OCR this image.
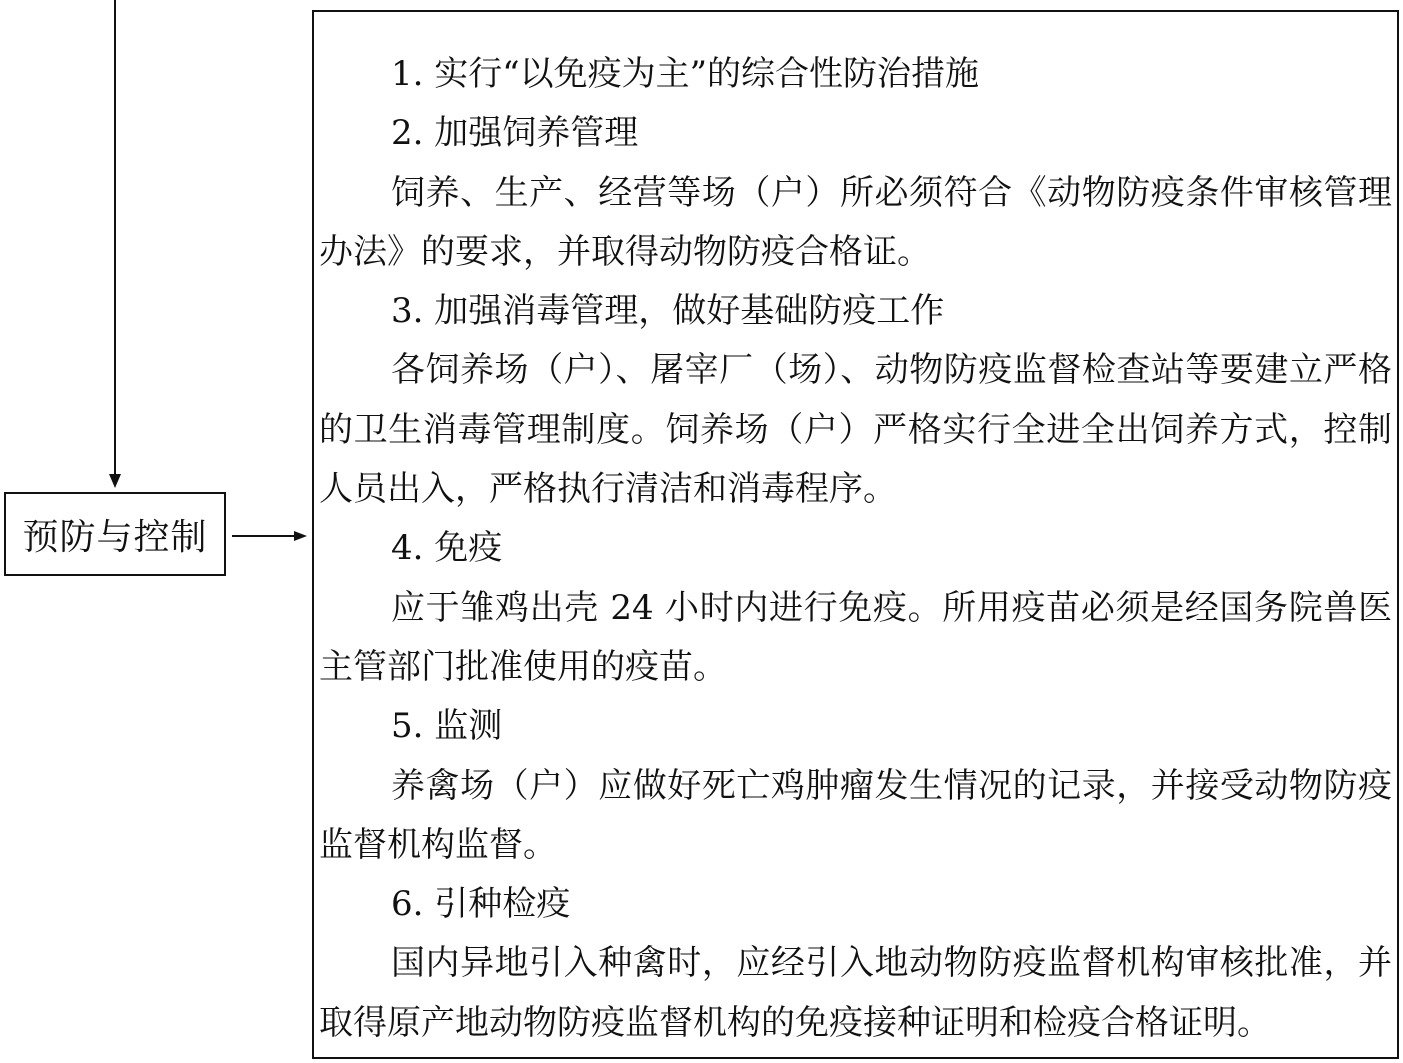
预防与控制

1. 实行“以免疫为主”的综合性防治措施

2. 加强饲养管理

饲养、生产、经营等场（户）所必须符合《动物防疫条件审核管理办法》的要求，并取得动物防疫合格证。

3. 加强消毒管理，做好基础防疫工作

各饲养场（户）、屠宰厂（场）、动物防疫监督检查站等要建立严格的卫生消毒管理制度。饲养场（户）严格实行全进全出饲养方式，控制人员出入，严格执行清洁和消毒程序。

4. 免疫

应于雏鸡出壳 24 小时内进行免疫。所用疫苗必须是经国务院兽医主管部门批准使用的疫苗。

5. 监测

养禽场（户）应做好死亡鸡肿瘤发生情况的记录，并接受动物防疫监督机构监督。

6. 引种检疫

国内异地引入种禽时，应经引入地动物防疫监督机构审核批准，并取得原产地动物防疫监督机构的免疫接种证明和检疫合格证明。
